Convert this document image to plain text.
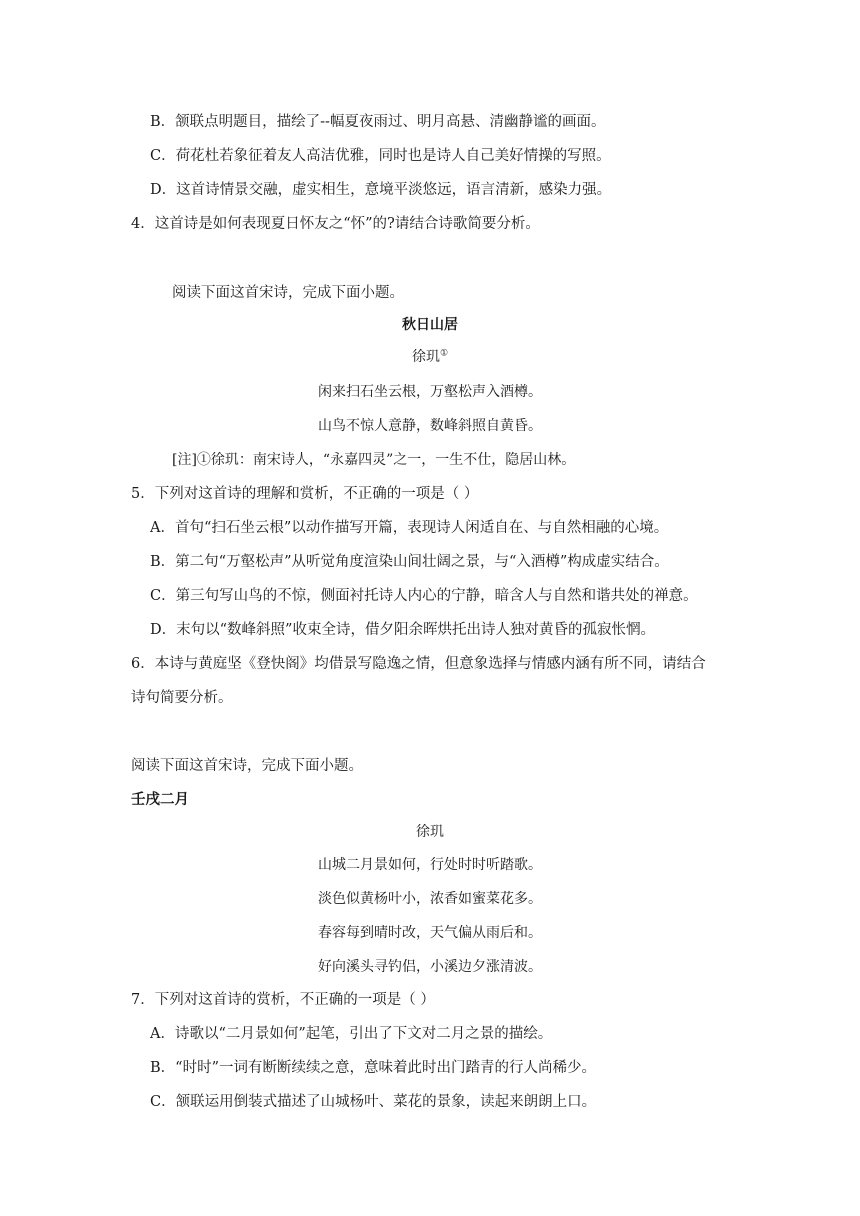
B．颔联点明题目，描绘了--幅夏夜雨过、明月高悬、清幽静谧的画面。
C．荷花杜若象征着友人高洁优雅，同时也是诗人自己美好情操的写照。
D．这首诗情景交融，虚实相生，意境平淡悠远，语言清新，感染力强。
4．这首诗是如何表现夏日怀友之“怀”的?请结合诗歌简要分析。
阅读下面这首宋诗，完成下面小题。
秋日山居
徐玑①
闲来扫石坐云根，万壑松声入酒樽。
山鸟不惊人意静，数峰斜照自黄昏。
[注]①徐玑：南宋诗人，“永嘉四灵”之一，一生不仕，隐居山林。
5．下列对这首诗的理解和赏析，不正确的一项是（ ）
A．首句“扫石坐云根”以动作描写开篇，表现诗人闲适自在、与自然相融的心境。
B．第二句“万壑松声”从听觉角度渲染山间壮阔之景，与“入酒樽”构成虚实结合。
C．第三句写山鸟的不惊，侧面衬托诗人内心的宁静，暗含人与自然和谐共处的禅意。
D．末句以“数峰斜照”收束全诗，借夕阳余晖烘托出诗人独对黄昏的孤寂怅惘。
6．本诗与黄庭坚《登快阁》均借景写隐逸之情，但意象选择与情感内涵有所不同，请结合
诗句简要分析。
阅读下面这首宋诗，完成下面小题。
壬戌二月
徐玑
山城二月景如何，行处时时听踏歌。
淡色似黄杨叶小，浓香如蜜菜花多。
春容每到晴时改，天气偏从雨后和。
好向溪头寻钓侣，小溪边夕涨清波。
7．下列对这首诗的赏析，不正确的一项是（ ）
A．诗歌以“二月景如何”起笔，引出了下文对二月之景的描绘。
B．“时时”一词有断断续续之意，意味着此时出门踏青的行人尚稀少。
C．颔联运用倒装式描述了山城杨叶、菜花的景象，读起来朗朗上口。
